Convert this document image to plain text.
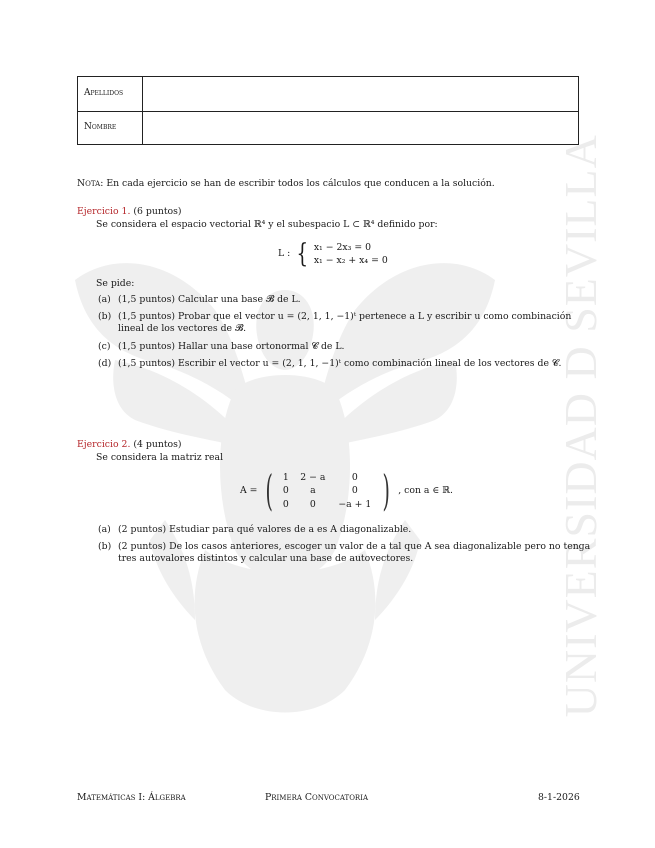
UNIVERSIDAD D SEVILLA
Apellidos
Nombre
Nota: En cada ejercicio se han de escribir todos los cálculos que conducen a la solución.
Ejercicio 1. (6 puntos)
Se considera el espacio vectorial ℝ⁴ y el subespacio L ⊂ ℝ⁴ definido por:
L : { x₁ − 2x₃ = 0
x₁ − x₂ + x₄ = 0
Se pide:
(a) (1,5 puntos) Calcular una base 𝓑 de L.
(b) (1,5 puntos) Probar que el vector u = (2, 1, 1, −1)ᵗ pertenece a L y escribir u como combinación lineal de los vectores de 𝓑.
(c) (1,5 puntos) Hallar una base ortonormal 𝓒 de L.
(d) (1,5 puntos) Escribir el vector u = (2, 1, 1, −1)ᵗ como combinación lineal de los vectores de 𝓒.
Ejercicio 2. (4 puntos)
Se considera la matriz real
A = (	1	2 − a	0
0	a	0
0	0	−a + 1 ) , con a ∈ ℝ.
(a) (2 puntos) Estudiar para qué valores de a es A diagonalizable.
(b) (2 puntos) De los casos anteriores, escoger un valor de a tal que A sea diagonalizable pero no tenga tres autovalores distintos y calcular una base de autovectores.
Matemáticas I: Álgebra	Primera Convocatoria	8-1-2026
